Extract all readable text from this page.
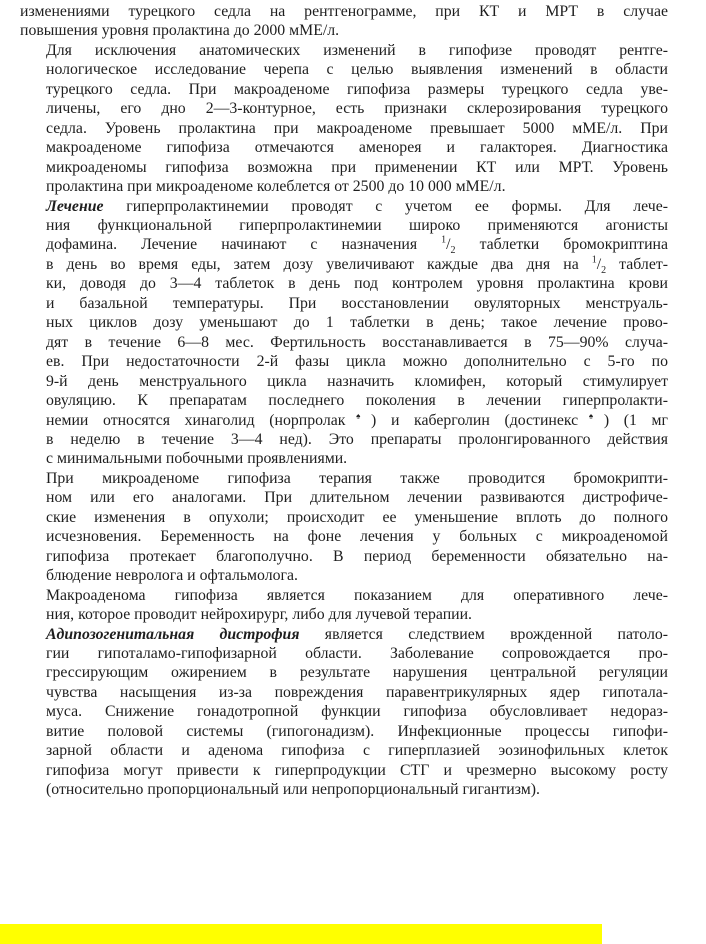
изменениями турецкого седла на рентгенограмме, при КТ и МРТ в случае
повышения уровня пролактина до 2000 мМЕ/л.

Для исключения анатомических изменений в гипофизе проводят рентге-
нологическое исследование черепа с целью выявления изменений в области
турецкого седла. При макроаденоме гипофиза размеры турецкого седла уве-
личены, его дно 2—3-контурное, есть признаки склерозирования турецкого
седла. Уровень пролактина при макроаденоме превышает 5000 мМЕ/л. При
макроаденоме гипофиза отмечаются аменорея и галакторея. Диагностика
микроаденомы гипофиза возможна при применении КТ или МРТ. Уровень
пролактина при микроаденоме колеблется от 2500 до 10 000 мМЕ/л.

Лечение гиперпролактинемии проводят с учетом ее формы. Для лече-
ния функциональной гиперпролактинемии широко применяются агонисты
дофамина. Лечение начинают с назначения $^1/_2$ таблетки бромокриптина
в день во время еды, затем дозу увеличивают каждые два дня на $^1/_2$ таблет-
ки, доводя до 3—4 таблеток в день под контролем уровня пролактина крови
и базальной температуры. При восстановлении овуляторных менструаль-
ных циклов дозу уменьшают до 1 таблетки в день; такое лечение прово-
дят в течение 6—8 мес. Фертильность восстанавливается в 75—90% случа-
ев. При недостаточности 2-й фазы цикла можно дополнительно с 5-го по
9-й день менструального цикла назначить кломифен, который стимулирует
овуляцию. К препаратам последнего поколения в лечении гиперпролакти-
немии относятся хинаголид (норпролак♠) и каберголин (достинекс♠) (1 мг
в неделю в течение 3—4 нед). Это препараты пролонгированного действия
с минимальными побочными проявлениями.

При микроаденоме гипофиза терапия также проводится бромокрипти-
ном или его аналогами. При длительном лечении развиваются дистрофиче-
ские изменения в опухоли; происходит ее уменьшение вплоть до полного
исчезновения. Беременность на фоне лечения у больных с микроаденомой
гипофиза протекает благополучно. В период беременности обязательно на-
блюдение невролога и офтальмолога.

Макроаденома гипофиза является показанием для оперативного лече-
ния, которое проводит нейрохирург, либо для лучевой терапии.

Адипозогенитальная дистрофия является следствием врожденной патоло-
гии гипоталамо-гипофизарной области. Заболевание сопровождается про-
грессирующим ожирением в результате нарушения центральной регуляции
чувства насыщения из-за повреждения паравентрикулярных ядер гипотала-
муса. Снижение гонадотропной функции гипофиза обусловливает недораз-
витие половой системы (гипогонадизм). Инфекционные процессы гипофи-
зарной области и аденома гипофиза с гиперплазией эозинофильных клеток
гипофиза могут привести к гиперпродукции СТГ и чрезмерно высокому росту
(относительно пропорциональный или непропорциональный гигантизм).
